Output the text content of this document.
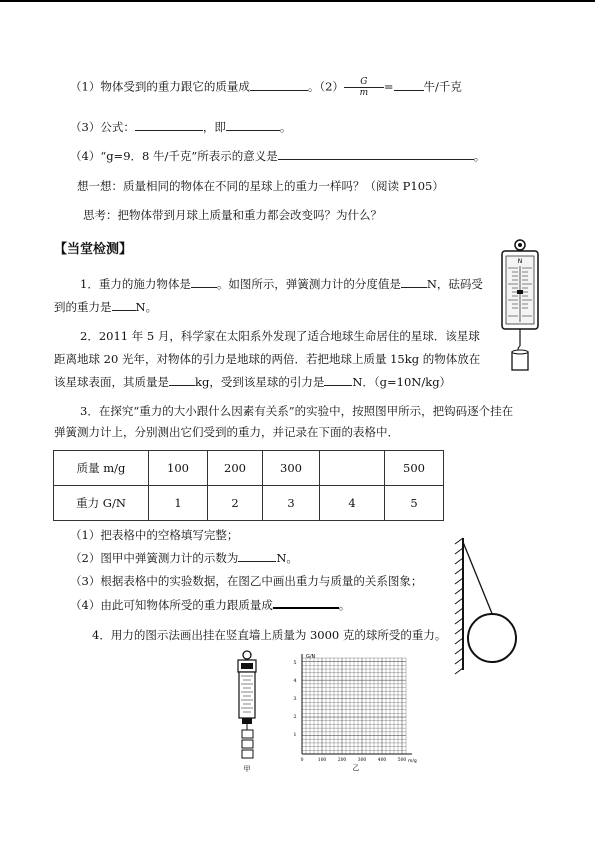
（1）物体受到的重力跟它的质量成	。$(2) \frac{G}{m}$ =	牛/千克
（3）公式：	，即	。
（4）“g=9．8 牛/千克”所表示的意义是	。
想一想：质量相同的物体在不同的星球上的重力一样吗？（阅读 P105）
思考：把物体带到月球上质量和重力都会改变吗？为什么？
【当堂检测】
1．重力的施力物体是 。如图所示，弹簧测力计的分度值是 N，砝码受
到的重力是 N。
2．2011 年 5 月，科学家在太阳系外发现了适合地球生命居住的星球．该星球
距离地球 20 光年，对物体的引力是地球的两倍．若把地球上质量 15kg 的物体放在
该星球表面，其质量是 kg，受到该星球的引力是 N．（g=10N/kg）
3．在探究“重力的大小跟什么因素有关系”的实验中，按照图甲所示，把钩码逐个挂在
弹簧测力计上，分别测出它们受到的重力，并记录在下面的表格中．
质量 m/g	100	200	300		500
重力 G/N	1	2	3	4	5
（1）把表格中的空格填写完整；
（2）图甲中弹簧测力计的示数为	N。
（3）根据表格中的实验数据，在图乙中画出重力与质量的关系图象；
（4）由此可知物体所受的重力跟质量成	。
4．用力的图示法画出挂在竖直墙上质量为 3000 克的球所受的重力。
N
甲
G/N
m/g
5
4
3
2
1
0	100	200	300	400	500
乙
